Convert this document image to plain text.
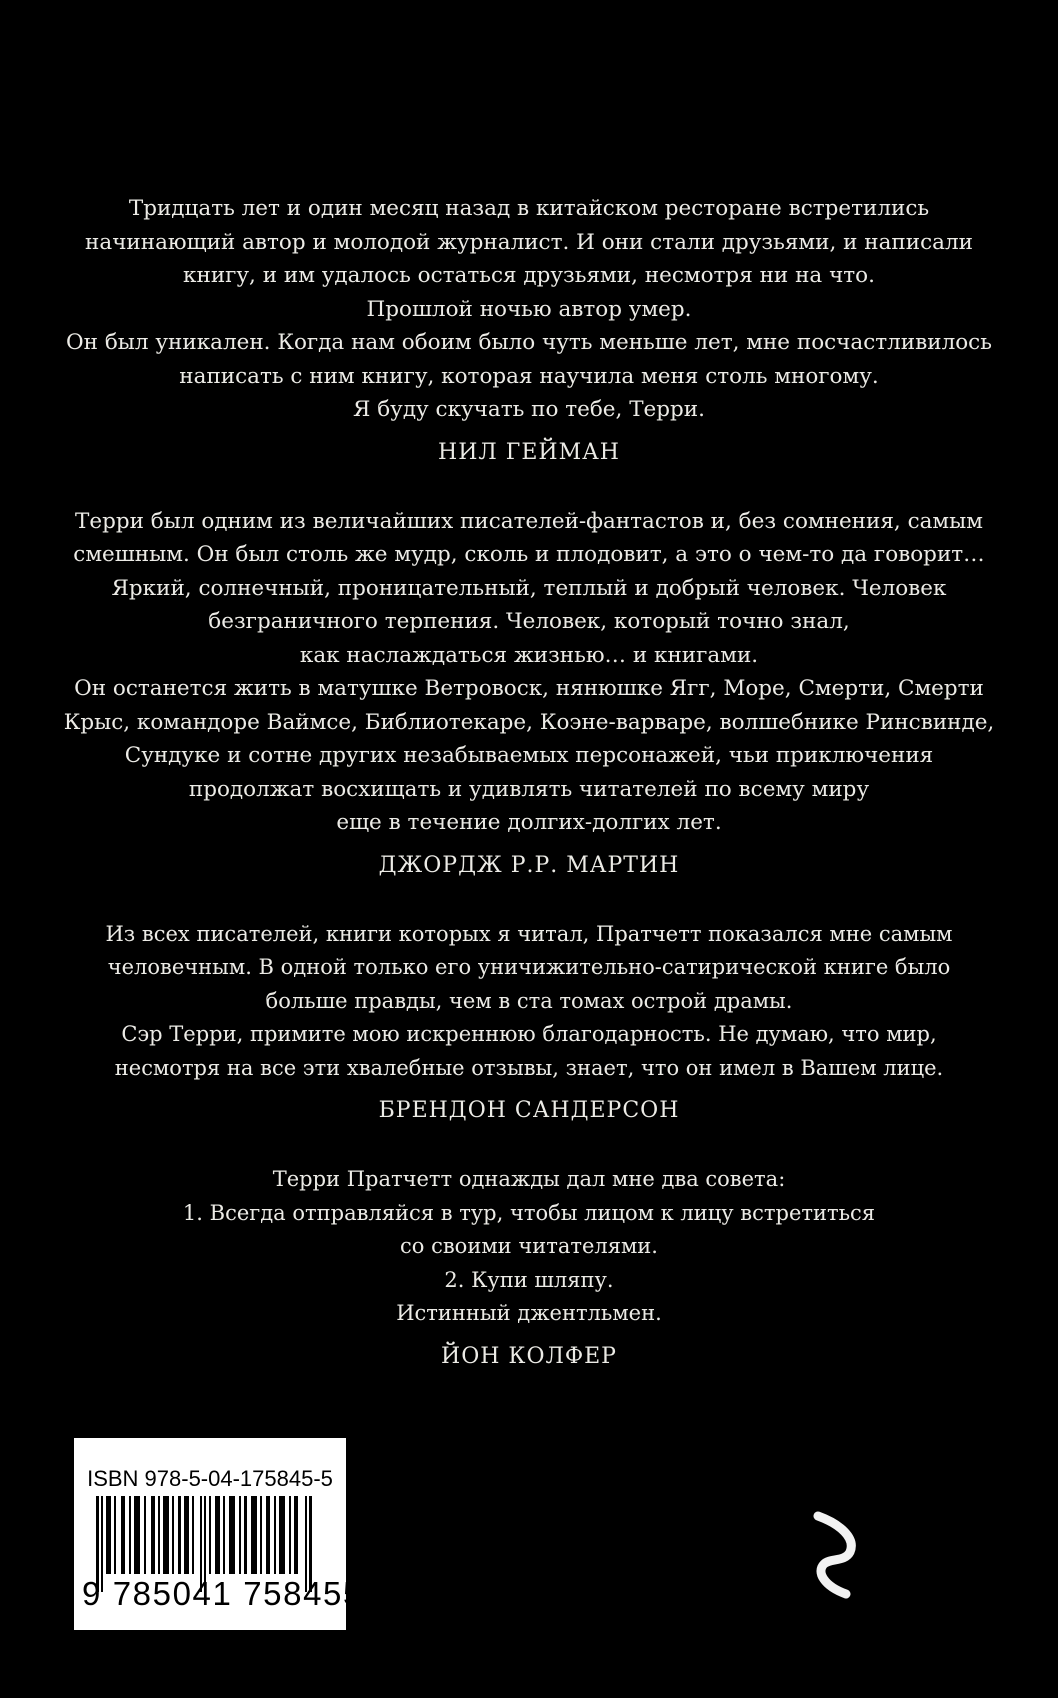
Тридцать лет и один месяц назад в китайском ресторане встретились
начинающий автор и молодой журналист. И они стали друзьями, и написали
книгу, и им удалось остаться друзьями, несмотря ни на что.
Прошлой ночью автор умер.
Он был уникален. Когда нам обоим было чуть меньше лет, мне посчастливилось
написать с ним книгу, которая научила меня столь многому.
Я буду скучать по тебе, Терри.
НИЛ ГЕЙМАН
Терри был одним из величайших писателей-фантастов и, без сомнения, самым
смешным. Он был столь же мудр, сколь и плодовит, а это о чем-то да говорит…
Яркий, солнечный, проницательный, теплый и добрый человек. Человек
безграничного терпения. Человек, который точно знал,
как наслаждаться жизнью… и книгами.
Он останется жить в матушке Ветровоск, нянюшке Ягг, Море, Смерти, Смерти
Крыс, командоре Ваймсе, Библиотекаре, Коэне-варваре, волшебнике Ринсвинде,
Сундуке и сотне других незабываемых персонажей, чьи приключения
продолжат восхищать и удивлять читателей по всему миру
еще в течение долгих-долгих лет.
ДЖОРДЖ Р.Р. МАРТИН
Из всех писателей, книги которых я читал, Пратчетт показался мне самым
человечным. В одной только его уничижительно-сатирической книге было
больше правды, чем в ста томах острой драмы.
Сэр Терри, примите мою искреннюю благодарность. Не думаю, что мир,
несмотря на все эти хвалебные отзывы, знает, что он имел в Вашем лице.
БРЕНДОН САНДЕРСОН
Терри Пратчетт однажды дал мне два совета:
1. Всегда отправляйся в тур, чтобы лицом к лицу встретиться
со своими читателями.
2. Купи шляпу.
Истинный джентльмен.
ЙОН КОЛФЕР
ISBN 978-5-04-175845-5
9 785041 758455 >
